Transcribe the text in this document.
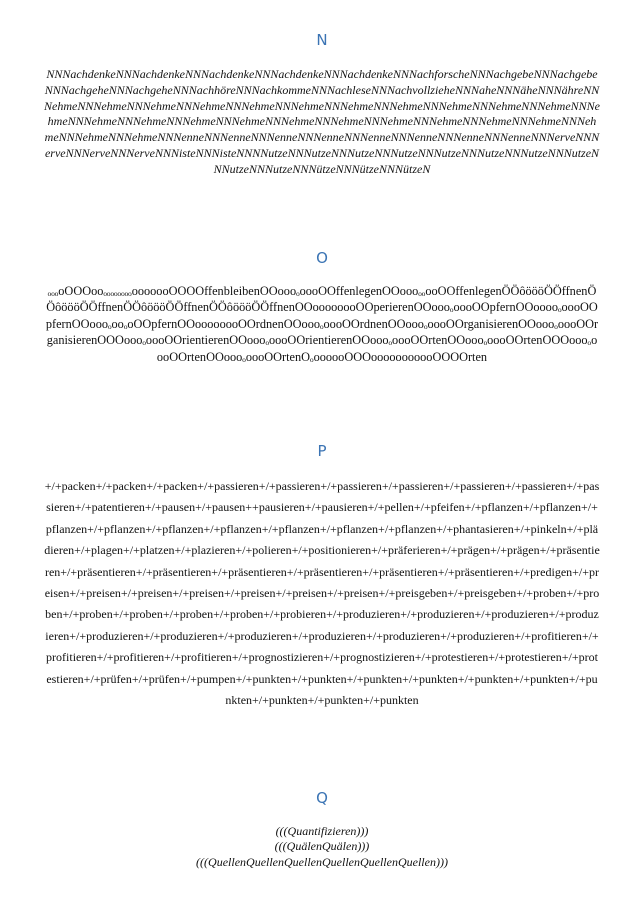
N
NNNachdenkeNNNachdenkeNNNachdenkeNNNachdenkeNNNachdenkeNNNachforscheNNNachgebeNNNachgebeNNNachgeheNNNachgeheNNNachhöreNNNachkommeNNNachleseNNNachvollzieheNNNaheNNNäheNNNähreNNNehmeNNNehmeNNNehmeNNNehmeNNNehmeNNNehmeNNNehmeNNNehmeNNNehmeNNNehmeNNNehmeNNNehmeNNNehmeNNNehmeNNNehmeNNNehmeNNNehmeNNNehmeNNNehmeNNNehmeNNNehmeNNNehmeNNNehmeNNNehmeNNNehmeNNNenneNNNenneNNNenneNNNenneNNNenneNNNenneNNNenneNNNenneNNNerveNNNerveNNNerveNNNerveNNNisteNNNisteNNNNutzeNNNutzeNNNutzeNNNutzeNNNutzeNNNutzeNNNutzeNNNutzeNNNutzeNNNutzeNNNützeNNNützeNNNützeN
O
ₒₒₒoOOOooₒₒₒₒₒₒₒₒooooooOOOOffenbleibenOOoooₒoooOOffenlegenOOoooₒₒooOOffenlegenÖÖôöööÖÖffnenÖÖôöööÖÖffnenÖÖôöööÖÖffnenÖÖôöööÖÖffnenOOoooooooOOperierenOOoooₒoooOOpfernOOooooₒoooOOpfernOOoooₒooₒoOOpfernOOoooooooOOrdnenOOoooₒoooOOrdnenOOoooₒoooOOrganisierenOOoooₒoooOOrganisierenOOOoooₒoooOOrientierenOOoooₒoooOOrientierenOOoooₒoooOOrtenOOoooₒoooOOrtenOOOoooₒoooOOrtenOOoooₒoooOOrtenOₒoooooOOOooooooooooOOOOrten
P
+/+packen+/+packen+/+packen+/+passieren+/+passieren+/+passieren+/+passieren+/+passieren+/+passieren+/+passieren+/+patentieren+/+pausen+/+pausen++pausieren+/+pausieren+/+pellen+/+pfeifen+/+pflanzen+/+pflanzen+/+pflanzen+/+pflanzen+/+pflanzen+/+pflanzen+/+pflanzen+/+pflanzen+/+pflanzen+/+phantasieren+/+pinkeln+/+plädieren+/+plagen+/+platzen+/+plazieren+/+polieren+/+positionieren+/+präferieren+/+prägen+/+prägen+/+präsentieren+/+präsentieren+/+präsentieren+/+präsentieren+/+präsentieren+/+präsentieren+/+präsentieren+/+predigen+/+preisen+/+preisen+/+preisen+/+preisen+/+preisen+/+preisen+/+preisen+/+preisgeben+/+preisgeben+/+proben+/+proben+/+proben+/+proben+/+proben+/+proben+/+probieren+/+produzieren+/+produzieren+/+produzieren+/+produzieren+/+produzieren+/+produzieren+/+produzieren+/+produzieren+/+produzieren+/+produzieren+/+profitieren+/+profitieren+/+profitieren+/+profitieren+/+prognostizieren+/+prognostizieren+/+protestieren+/+protestieren+/+protestieren+/+prüfen+/+prüfen+/+pumpen+/+punkten+/+punkten+/+punkten+/+punkten+/+punkten+/+punkten+/+punkten+/+punkten+/+punkten+/+punkten
Q
(((Quantifizieren)))
(((QuälenQuälen)))
(((QuellenQuellenQuellenQuellenQuellenQuellen)))
